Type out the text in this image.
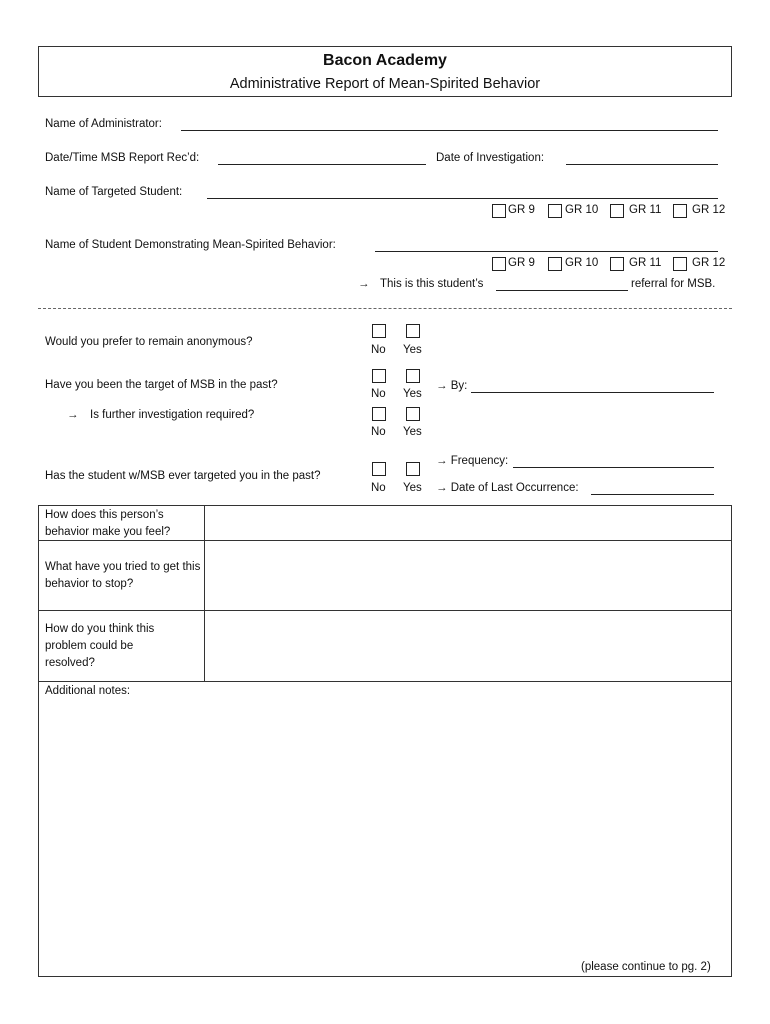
Bacon Academy
Administrative Report of Mean-Spirited Behavior
Name of Administrator:
Date/Time MSB Report Rec’d:	Date of Investigation:
Name of Targeted Student:
GR 9	GR 10	GR 11	GR 12
Name of Student Demonstrating Mean-Spirited Behavior:
GR 9	GR 10	GR 11	GR 12
→ This is this student’s	referral for MSB.
Would you prefer to remain anonymous?
No Yes
Have you been the target of MSB in the past?
No Yes
→ By:
→ Is further investigation required?
No Yes
Has the student w/MSB ever targeted you in the past?
No Yes
→ Frequency:
→ Date of Last Occurrence:
How does this person’s behavior make you feel?
What have you tried to get this behavior to stop?
How do you think this problem could be resolved?
Additional notes:
(please continue to pg. 2)
